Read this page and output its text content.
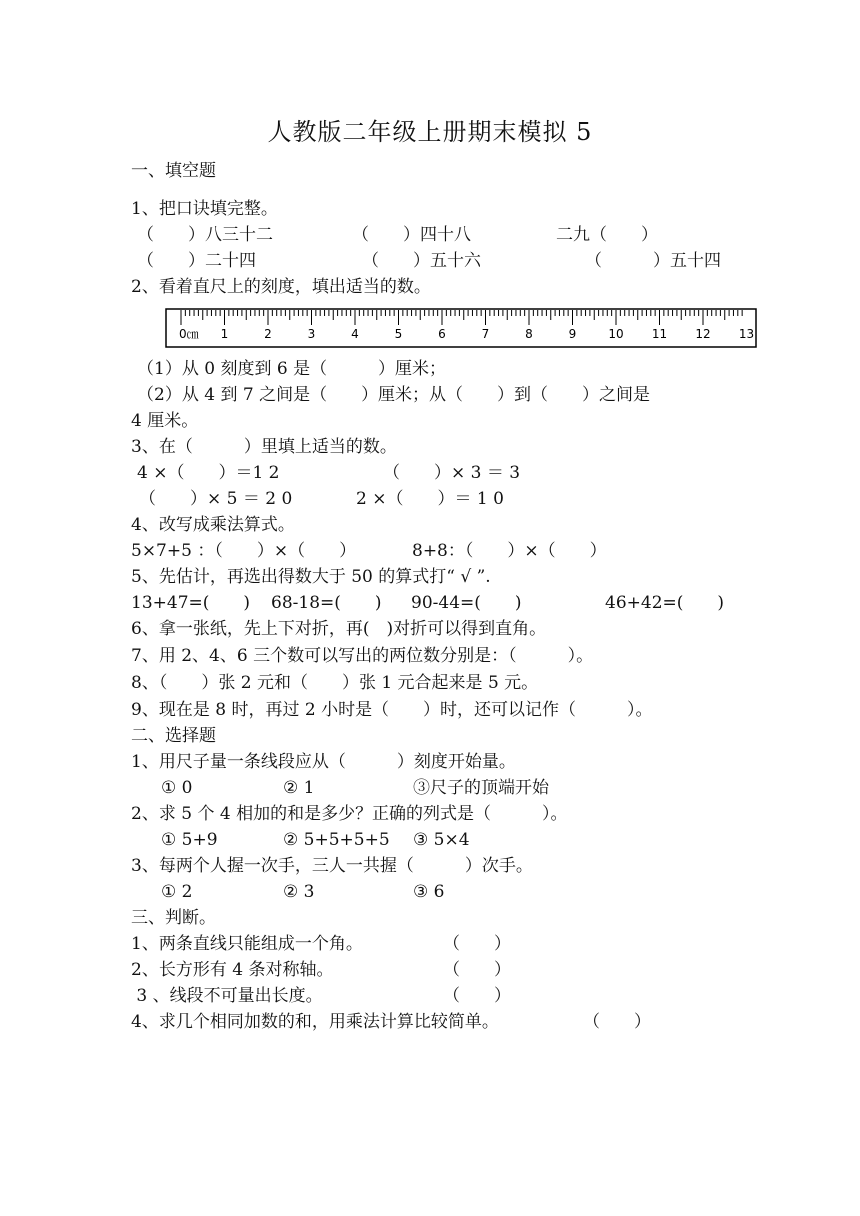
人教版二年级上册期末模拟 5
一、填空题
1、把口诀填完整。
（　　）八三十二	（　　）四十八	二九（　　）
（　　）二十四	（　　）五十六	（　　　）五十四
2、看着直尺上的刻度，填出适当的数。
0㎝ 1	2	3	4	5	6	7	8	9	10 11 12 13
（1）从 0 刻度到 6 是（　　　）厘米；
（2）从 4 到 7 之间是（　　）厘米；从（　　）到（　　）之间是
4 厘米。
3、在（　　　）里填上适当的数。
4 ×（　　）＝1 2	（　　）× 3 ＝ 3
（　　）× 5 ＝ 2 0	2 ×（　　）＝ 1 0
4、改写成乘法算式。
5×7+5 ：（　　）×（　　）	8+8：（　　）×（　　）
5、先估计，再选出得数大于 50 的算式打“ √ ”.
13+47=(　　) 68-18=(　　) 90-44=(　　)	46+42=(　　)
6、拿一张纸，先上下对折，再(　)对折可以得到直角。
7、用 2、4、6 三个数可以写出的两位数分别是：（　　　）。
8、（　　）张 2 元和（　　）张 1 元合起来是 5 元。
9、现在是 8 时，再过 2 小时是（　　）时，还可以记作（　　　）。
二、选择题
1、用尺子量一条线段应从（　　　）刻度开始量。
① 0	② 1	③尺子的顶端开始
2、求 5 个 4 相加的和是多少？正确的列式是（　　　）。
① 5+9	② 5+5+5+5 ③ 5×4
3、每两个人握一次手，三人一共握（　　　）次手。
① 2	② 3	③ 6
三、判断。
1、两条直线只能组成一个角。	（　　）
2、长方形有 4 条对称轴。	（　　）
3 、线段不可量出长度。	（　　）
4、求几个相同加数的和，用乘法计算比较简单。	（　　）
